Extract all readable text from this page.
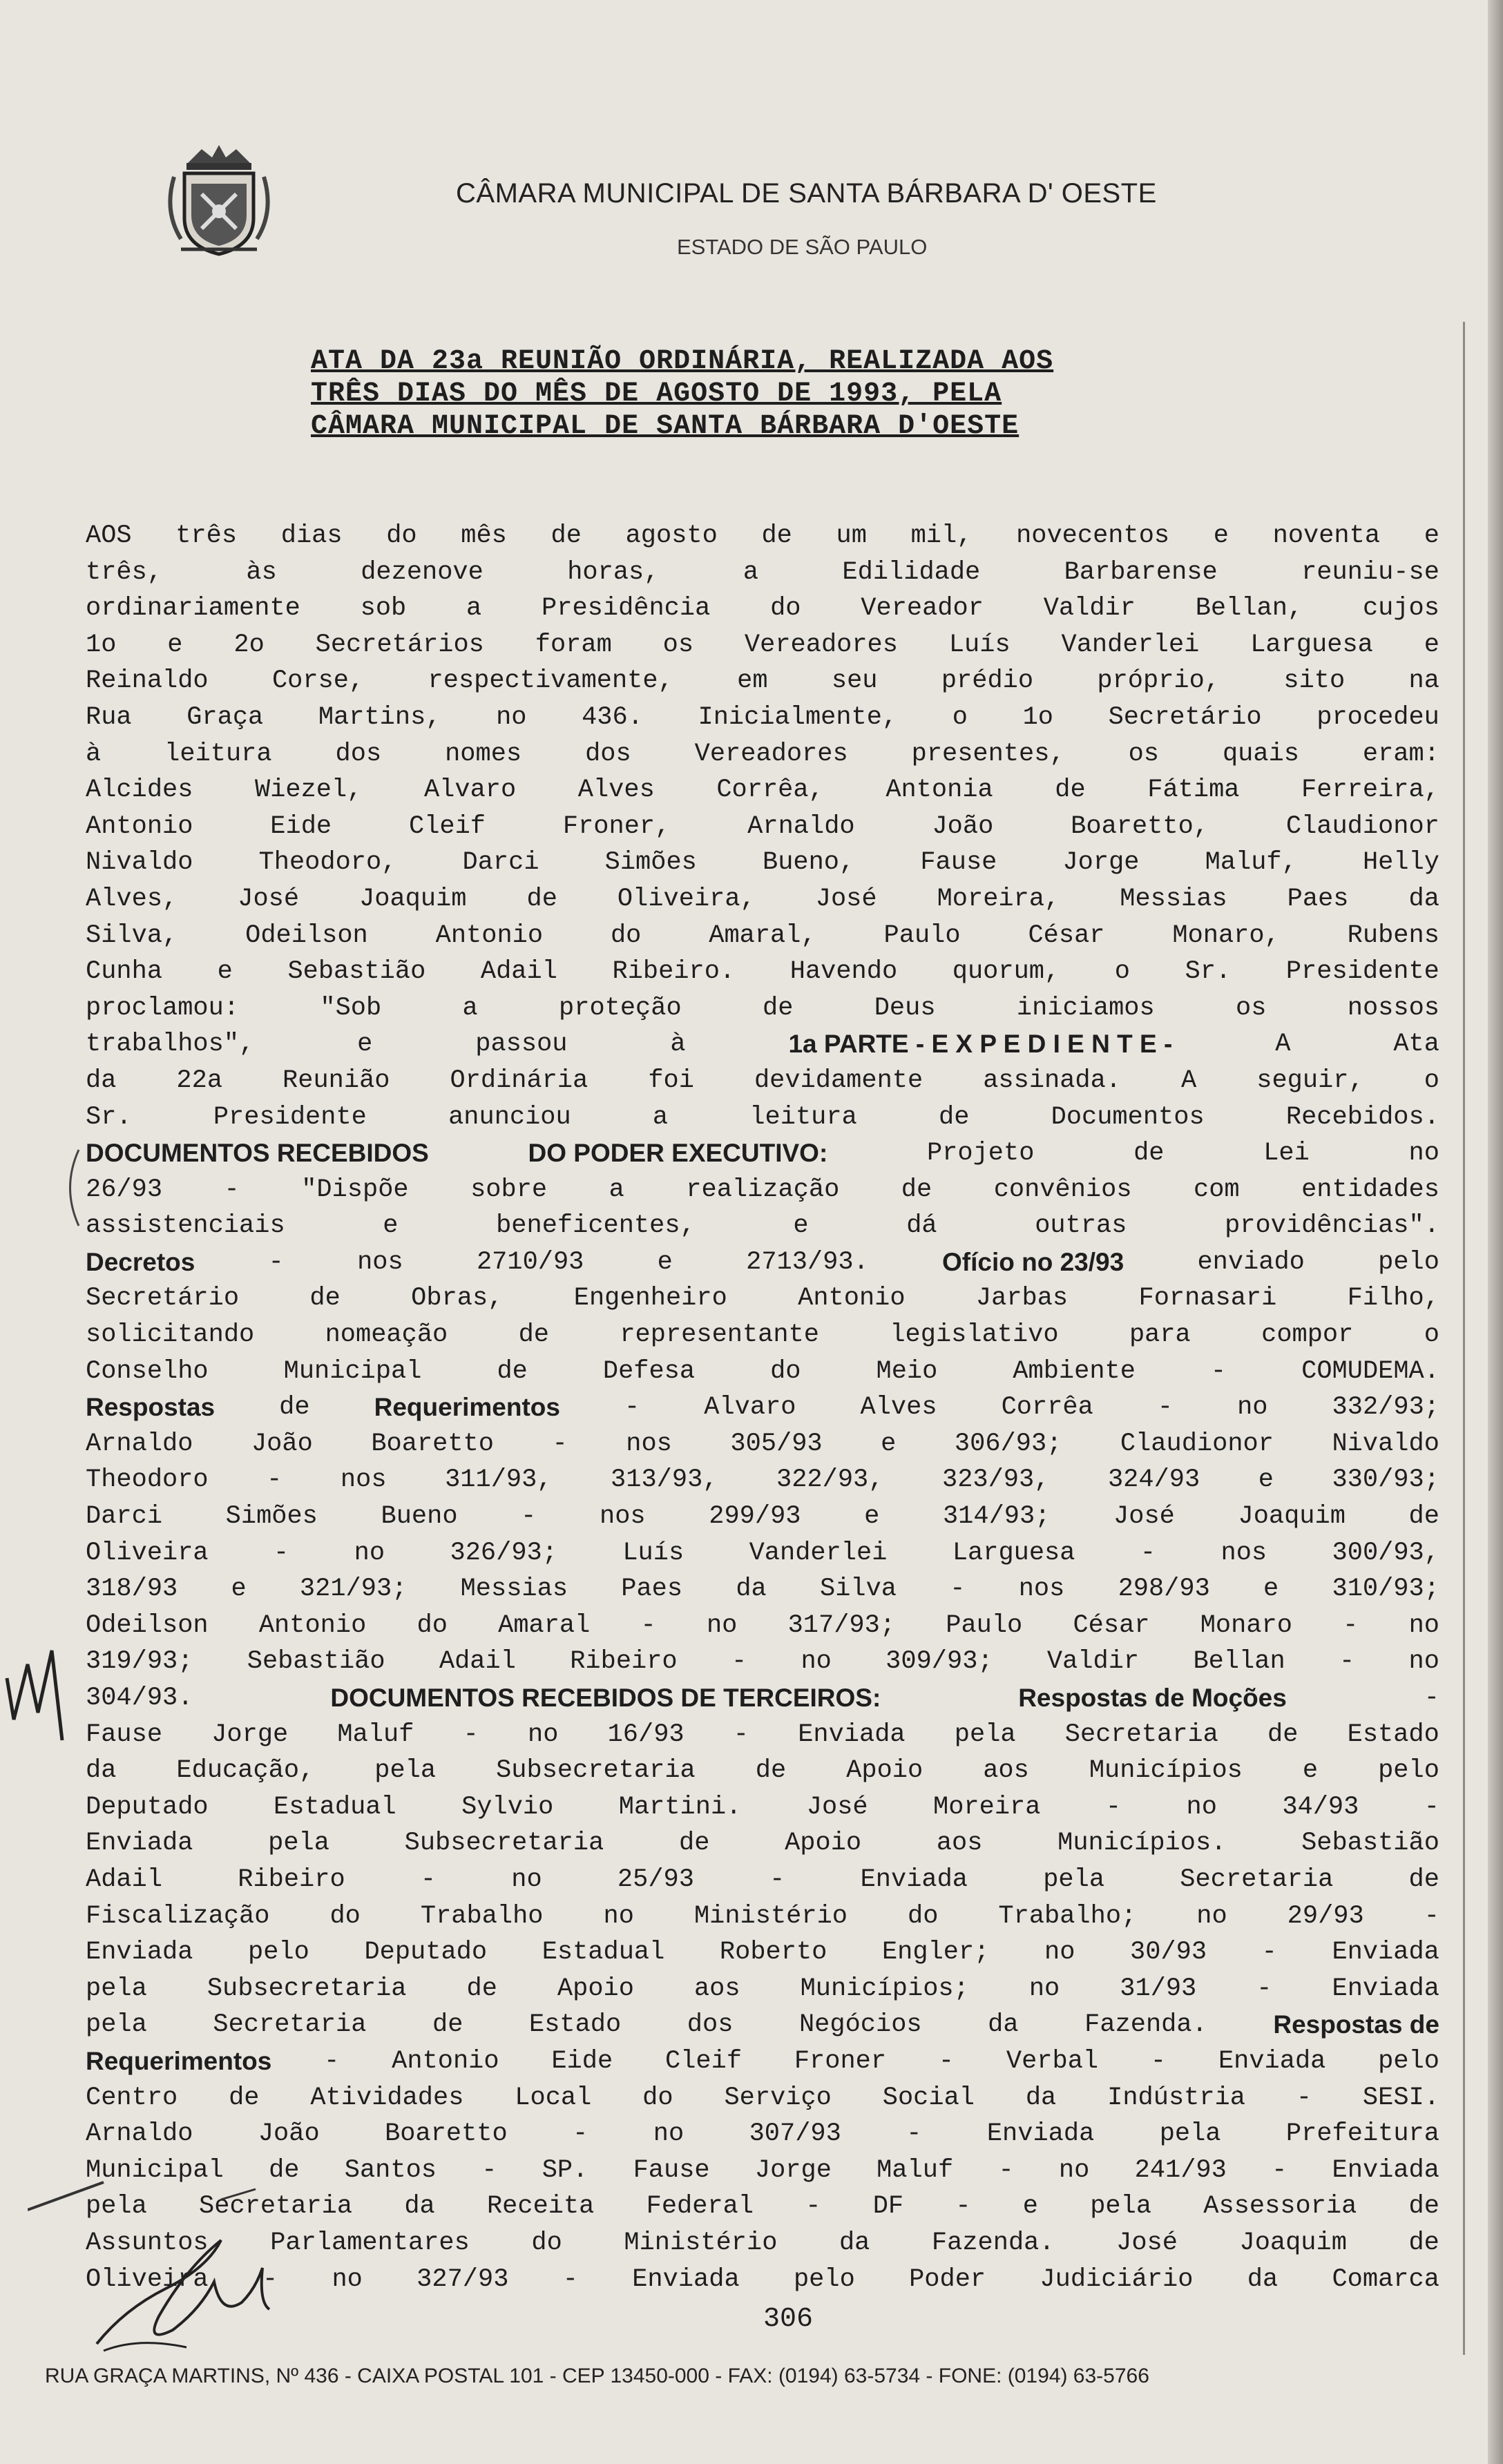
CÂMARA MUNICIPAL DE SANTA BÁRBARA D' OESTE
ESTADO DE SÃO PAULO
ATA DA 23a REUNIÃO ORDINÁRIA, REALIZADA AOS
TRÊS DIAS DO MÊS DE AGOSTO DE 1993, PELA
CÂMARA MUNICIPAL DE SANTA BÁRBARA D'OESTE
AOS três dias do mês de agosto de um mil, novecentos e noventa e
três,	às	dezenove	horas,	a	Edilidade	Barbarense	reuniu-se
ordinariamente sob a Presidência do Vereador Valdir Bellan, cujos
1o e 2o Secretários foram os Vereadores Luís Vanderlei Larguesa e
Reinaldo Corse, respectivamente, em seu prédio próprio, sito na
Rua Graça Martins, no 436. Inicialmente, o 1o Secretário procedeu
à leitura dos nomes dos Vereadores presentes, os quais eram:
Alcides Wiezel, Alvaro Alves Corrêa, Antonia de Fátima Ferreira,
Antonio	Eide	Cleif	Froner,	Arnaldo	João	Boaretto,	Claudionor
Nivaldo	Theodoro,	Darci	Simões	Bueno,	Fause	Jorge	Maluf,	Helly
Alves, José Joaquim de Oliveira, José Moreira, Messias Paes da
Silva,	Odeilson	Antonio	do	Amaral,	Paulo	César	Monaro,	Rubens
Cunha e Sebastião Adail Ribeiro. Havendo quorum, o Sr. Presidente
proclamou:	"Sob	a	proteção	de	Deus	iniciamos	os	nossos
trabalhos",	e	passou	à	1a PARTE - E X P E D I E N T E -	A	Ata
da 22a Reunião Ordinária foi devidamente assinada. A seguir, o
Sr.	Presidente	anunciou	a	leitura	de	Documentos	Recebidos.
DOCUMENTOS RECEBIDOS	DO PODER EXECUTIVO:	Projeto	de	Lei	no
26/93 - "Dispõe sobre a realização de convênios com entidades
assistenciais	e	beneficentes,	e	dá	outras	providências".
Decretos	-	nos	2710/93	e	2713/93.	Ofício no 23/93	enviado	pelo
Secretário	de	Obras,	Engenheiro	Antonio	Jarbas	Fornasari	Filho,
solicitando	nomeação	de	representante	legislativo	para	compor	o
Conselho	Municipal	de	Defesa	do	Meio	Ambiente	-	COMUDEMA.
Respostas	de	Requerimentos	-	Alvaro	Alves	Corrêa	-	no	332/93;
Arnaldo João Boaretto - nos 305/93 e 306/93; Claudionor Nivaldo
Theodoro - nos 311/93, 313/93, 322/93, 323/93, 324/93 e 330/93;
Darci Simões Bueno - nos 299/93 e 314/93; José Joaquim de
Oliveira	-	no	326/93;	Luís	Vanderlei	Larguesa	-	nos	300/93,
318/93 e 321/93; Messias Paes da Silva - nos 298/93 e 310/93;
Odeilson Antonio do Amaral - no 317/93; Paulo César Monaro - no
319/93; Sebastião Adail Ribeiro - no 309/93; Valdir Bellan - no
304/93.	DOCUMENTOS RECEBIDOS DE TERCEIROS:	Respostas de Moções	-
Fause Jorge Maluf - no 16/93 - Enviada pela Secretaria de Estado
da Educação, pela Subsecretaria de Apoio aos Municípios e pelo
Deputado	Estadual	Sylvio	Martini.	José	Moreira	-	no	34/93	-
Enviada	pela	Subsecretaria	de	Apoio	aos	Municípios.	Sebastião
Adail	Ribeiro	-	no	25/93	-	Enviada	pela	Secretaria	de
Fiscalização do Trabalho no Ministério do Trabalho; no 29/93 -
Enviada pelo Deputado Estadual Roberto Engler; no 30/93 - Enviada
pela Subsecretaria de Apoio aos Municípios; no 31/93 - Enviada
pela	Secretaria	de	Estado	dos	Negócios	da	Fazenda.	Respostas de
Requerimentos - Antonio Eide Cleif Froner - Verbal - Enviada pelo
Centro de Atividades Local do Serviço Social da Indústria - SESI.
Arnaldo	João	Boaretto	-	no	307/93	-	Enviada	pela	Prefeitura
Municipal de Santos - SP. Fause Jorge Maluf - no 241/93 - Enviada
pela Secretaria da Receita Federal - DF - e pela Assessoria de
Assuntos Parlamentares do Ministério da Fazenda. José Joaquim de
Oliveira - no 327/93 - Enviada pelo Poder Judiciário da Comarca
306
RUA GRAÇA MARTINS, Nº 436 - CAIXA POSTAL 101 - CEP 13450-000 - FAX: (0194) 63-5734 - FONE: (0194) 63-5766
